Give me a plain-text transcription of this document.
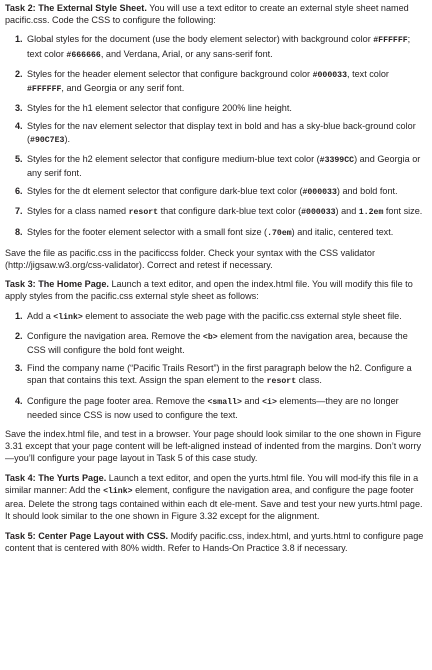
Task 2: The External Style Sheet. You will use a text editor to create an external style sheet named pacific.css. Code the CSS to configure the following:

1. Global styles for the document (use the body element selector) with background color #FFFFFF; text color #666666, and Verdana, Arial, or any sans-serif font.
2. Styles for the header element selector that configure background color #000033, text color #FFFFFF, and Georgia or any serif font.
3. Styles for the h1 element selector that configure 200% line height.
4. Styles for the nav element selector that display text in bold and has a sky-blue back-ground color (#90C7E3).
5. Styles for the h2 element selector that configure medium-blue text color (#3399CC) and Georgia or any serif font.
6. Styles for the dt element selector that configure dark-blue text color (#000033) and bold font.
7. Styles for a class named resort that configure dark-blue text color (#000033) and 1.2em font size.
8. Styles for the footer element selector with a small font size (.70em) and italic, centered text.

Save the file as pacific.css in the pacificcss folder. Check your syntax with the CSS validator (http://jigsaw.w3.org/css-validator). Correct and retest if necessary.

Task 3: The Home Page. Launch a text editor, and open the index.html file. You will modify this file to apply styles from the pacific.css external style sheet as follows:

1. Add a <link> element to associate the web page with the pacific.css external style sheet file.
2. Configure the navigation area. Remove the <b> element from the navigation area, because the CSS will configure the bold font weight.
3. Find the company name (“Pacific Trails Resort”) in the first paragraph below the h2. Configure a span that contains this text. Assign the span element to the resort class.
4. Configure the page footer area. Remove the <small> and <i> elements—they are no longer needed since CSS is now used to configure the text.

Save the index.html file, and test in a browser. Your page should look similar to the one shown in Figure 3.31 except that your page content will be left-aligned instead of indented from the margins. Don’t worry—you’ll configure your page layout in Task 5 of this case study.

Task 4: The Yurts Page. Launch a text editor, and open the yurts.html file. You will mod-ify this file in a similar manner: Add the <link> element, configure the navigation area, and configure the page footer area. Delete the strong tags contained within each dt ele-ment. Save and test your new yurts.html page. It should look similar to the one shown in Figure 3.32 except for the alignment.

Task 5: Center Page Layout with CSS. Modify pacific.css, index.html, and yurts.html to configure page content that is centered with 80% width. Refer to Hands-On Practice 3.8 if necessary.
